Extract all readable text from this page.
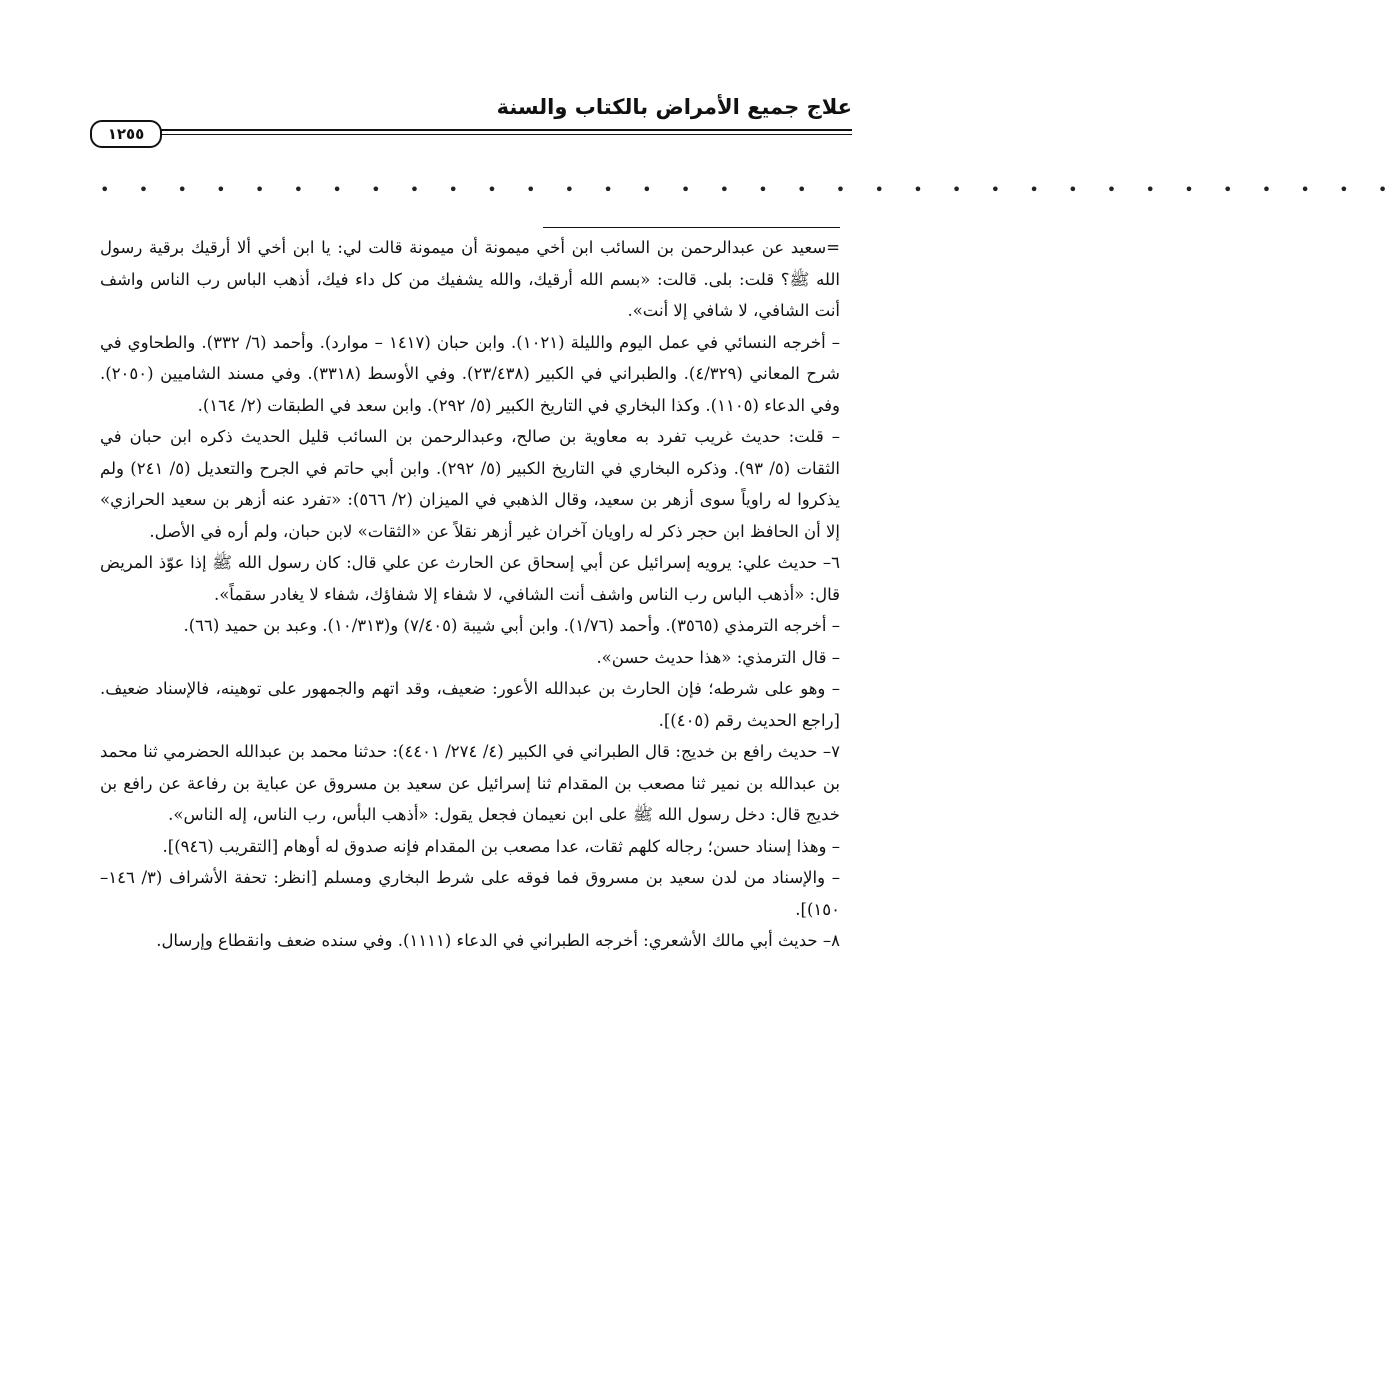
علاج جميع الأمراض بالكتاب والسنة
١٢٥٥
• • • • • • • • • • • • • • • • • • • • • • • • • • • • • • • • • •

=سعيد عن عبدالرحمن بن السائب ابن أخي ميمونة أن ميمونة قالت لي: يا ابن أخي ألا أرقيك برقية رسول الله ﷺ؟ قلت: بلى. قالت: «بسم الله أرقيك، والله يشفيك من كل داء فيك، أذهب الباس رب الناس واشف أنت الشافي، لا شافي إلا أنت».

– أخرجه النسائي في عمل اليوم والليلة (١٠٢١). وابن حبان (١٤١٧ – موارد). وأحمد (٦/ ٣٣٢). والطحاوي في شرح المعاني (٤/٣٢٩). والطبراني في الكبير (٢٣/٤٣٨). وفي الأوسط (٣٣١٨). وفي مسند الشاميين (٢٠٥٠). وفي الدعاء (١١٠٥). وكذا البخاري في التاريخ الكبير (٥/ ٢٩٢). وابن سعد في الطبقات (٢/ ١٦٤).

– قلت: حديث غريب تفرد به معاوية بن صالح، وعبدالرحمن بن السائب قليل الحديث ذكره ابن حبان في الثقات (٥/ ٩٣). وذكره البخاري في التاريخ الكبير (٥/ ٢٩٢). وابن أبي حاتم في الجرح والتعديل (٥/ ٢٤١) ولم يذكروا له راوياً سوى أزهر بن سعيد، وقال الذهبي في الميزان (٢/ ٥٦٦): «تفرد عنه أزهر بن سعيد الحرازي» إلا أن الحافظ ابن حجر ذكر له راويان آخران غير أزهر نقلاً عن «الثقات» لابن حبان، ولم أره في الأصل.

٦– حديث علي: يرويه إسرائيل عن أبي إسحاق عن الحارث عن علي قال: كان رسول الله ﷺ إذا عوّذ المريض قال: «أذهب الباس رب الناس واشف أنت الشافي، لا شفاء إلا شفاؤك، شفاء لا يغادر سقماً».

– أخرجه الترمذي (٣٥٦٥). وأحمد (١/٧٦). وابن أبي شيبة (٧/٤٠٥) و(١٠/٣١٣). وعبد بن حميد (٦٦).

– قال الترمذي: «هذا حديث حسن».

– وهو على شرطه؛ فإن الحارث بن عبدالله الأعور: ضعيف، وقد اتهم والجمهور على توهينه، فالإسناد ضعيف. [راجع الحديث رقم (٤٠٥)].

٧– حديث رافع بن خديج: قال الطبراني في الكبير (٤/ ٢٧٤/ ٤٤٠١): حدثنا محمد بن عبدالله الحضرمي ثنا محمد بن عبدالله بن نمير ثنا مصعب بن المقدام ثنا إسرائيل عن سعيد بن مسروق عن عباية بن رفاعة عن رافع بن خديج قال: دخل رسول الله ﷺ على ابن نعيمان فجعل يقول: «أذهب البأس، رب الناس، إله الناس».

– وهذا إسناد حسن؛ رجاله كلهم ثقات، عدا مصعب بن المقدام فإنه صدوق له أوهام [التقريب (٩٤٦)].

– والإسناد من لدن سعيد بن مسروق فما فوقه على شرط البخاري ومسلم [انظر: تحفة الأشراف (٣/ ١٤٦–١٥٠)].

٨– حديث أبي مالك الأشعري: أخرجه الطبراني في الدعاء (١١١١). وفي سنده ضعف وانقطاع وإرسال.
